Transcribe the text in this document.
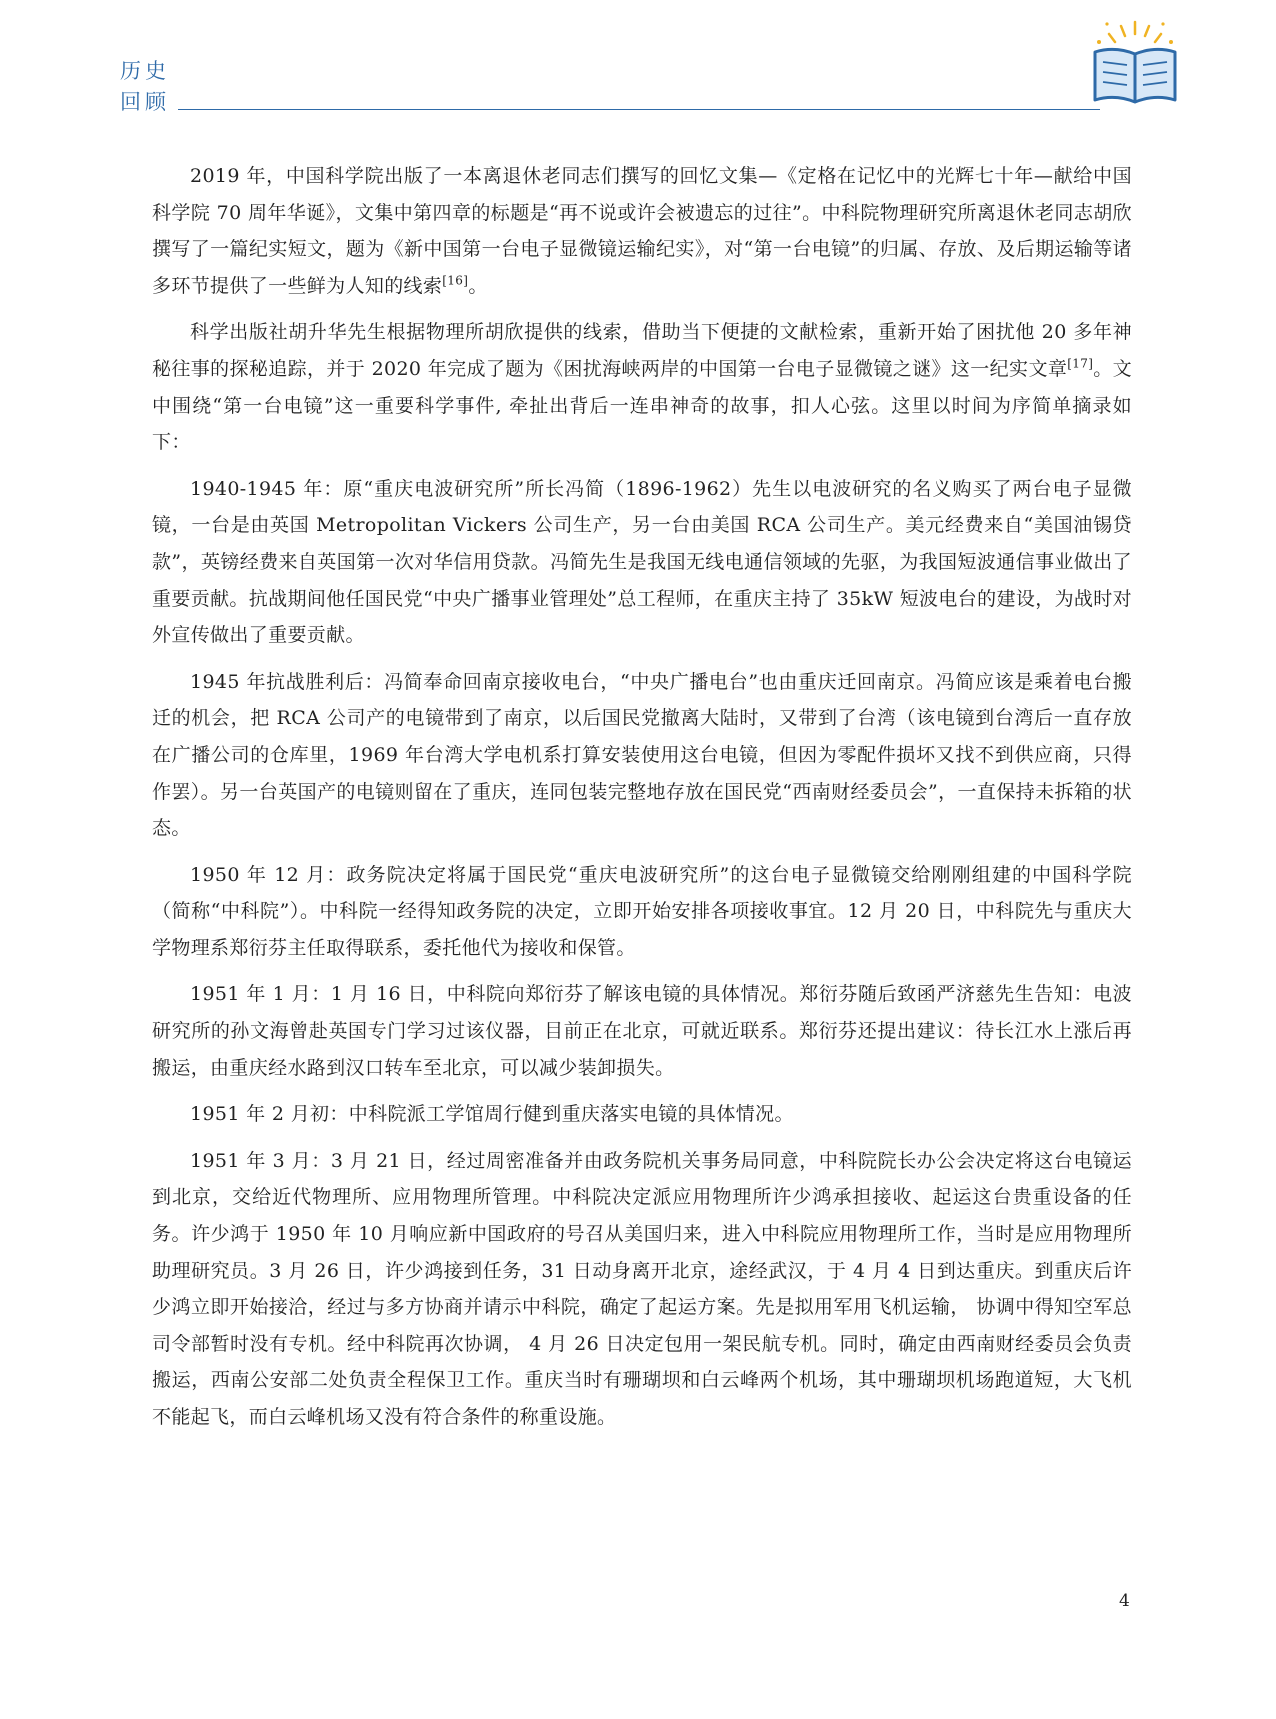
历史
回顾

2019 年，中国科学院出版了一本离退休老同志们撰写的回忆文集—《定格在记忆中的光辉七十年—献给中国科学院 70 周年华诞》，文集中第四章的标题是“再不说或许会被遗忘的过往”。中科院物理研究所离退休老同志胡欣撰写了一篇纪实短文，题为《新中国第一台电子显微镜运输纪实》，对“第一台电镜”的归属、存放、及后期运输等诸多环节提供了一些鲜为人知的线索[16]。

科学出版社胡升华先生根据物理所胡欣提供的线索，借助当下便捷的文献检索，重新开始了困扰他 20 多年神秘往事的探秘追踪，并于 2020 年完成了题为《困扰海峡两岸的中国第一台电子显微镜之谜》这一纪实文章[17]。文中围绕“第一台电镜”这一重要科学事件, 牵扯出背后一连串神奇的故事，扣人心弦。这里以时间为序简单摘录如下：

1940-1945 年：原“重庆电波研究所”所长冯简（1896-1962）先生以电波研究的名义购买了两台电子显微镜，一台是由英国 Metropolitan Vickers 公司生产，另一台由美国 RCA 公司生产。美元经费来自“美国油锡贷款”，英镑经费来自英国第一次对华信用贷款。冯简先生是我国无线电通信领域的先驱，为我国短波通信事业做出了重要贡献。抗战期间他任国民党“中央广播事业管理处”总工程师，在重庆主持了 35kW 短波电台的建设，为战时对外宣传做出了重要贡献。

1945 年抗战胜利后：冯简奉命回南京接收电台，“中央广播电台”也由重庆迁回南京。冯简应该是乘着电台搬迁的机会，把 RCA 公司产的电镜带到了南京，以后国民党撤离大陆时，又带到了台湾（该电镜到台湾后一直存放在广播公司的仓库里，1969 年台湾大学电机系打算安装使用这台电镜，但因为零配件损坏又找不到供应商，只得作罢）。另一台英国产的电镜则留在了重庆，连同包装完整地存放在国民党“西南财经委员会”，一直保持未拆箱的状态。

1950 年 12 月：政务院决定将属于国民党“重庆电波研究所”的这台电子显微镜交给刚刚组建的中国科学院（简称“中科院”）。中科院一经得知政务院的决定，立即开始安排各项接收事宜。12 月 20 日，中科院先与重庆大学物理系郑衍芬主任取得联系，委托他代为接收和保管。

1951 年 1 月：1 月 16 日，中科院向郑衍芬了解该电镜的具体情况。郑衍芬随后致函严济慈先生告知：电波研究所的孙文海曾赴英国专门学习过该仪器，目前正在北京，可就近联系。郑衍芬还提出建议：待长江水上涨后再搬运，由重庆经水路到汉口转车至北京，可以减少装卸损失。

1951 年 2 月初：中科院派工学馆周行健到重庆落实电镜的具体情况。

1951 年 3 月：3 月 21 日，经过周密准备并由政务院机关事务局同意，中科院院长办公会决定将这台电镜运到北京，交给近代物理所、应用物理所管理。中科院决定派应用物理所许少鸿承担接收、起运这台贵重设备的任务。许少鸿于 1950 年 10 月响应新中国政府的号召从美国归来，进入中科院应用物理所工作，当时是应用物理所助理研究员。3 月 26 日，许少鸿接到任务，31 日动身离开北京，途经武汉，于 4 月 4 日到达重庆。到重庆后许少鸿立即开始接洽，经过与多方协商并请示中科院，确定了起运方案。先是拟用军用飞机运输， 协调中得知空军总司令部暂时没有专机。经中科院再次协调， 4 月 26 日决定包用一架民航专机。同时，确定由西南财经委员会负责搬运，西南公安部二处负责全程保卫工作。重庆当时有珊瑚坝和白云峰两个机场，其中珊瑚坝机场跑道短，大飞机不能起飞，而白云峰机场又没有符合条件的称重设施。

4
